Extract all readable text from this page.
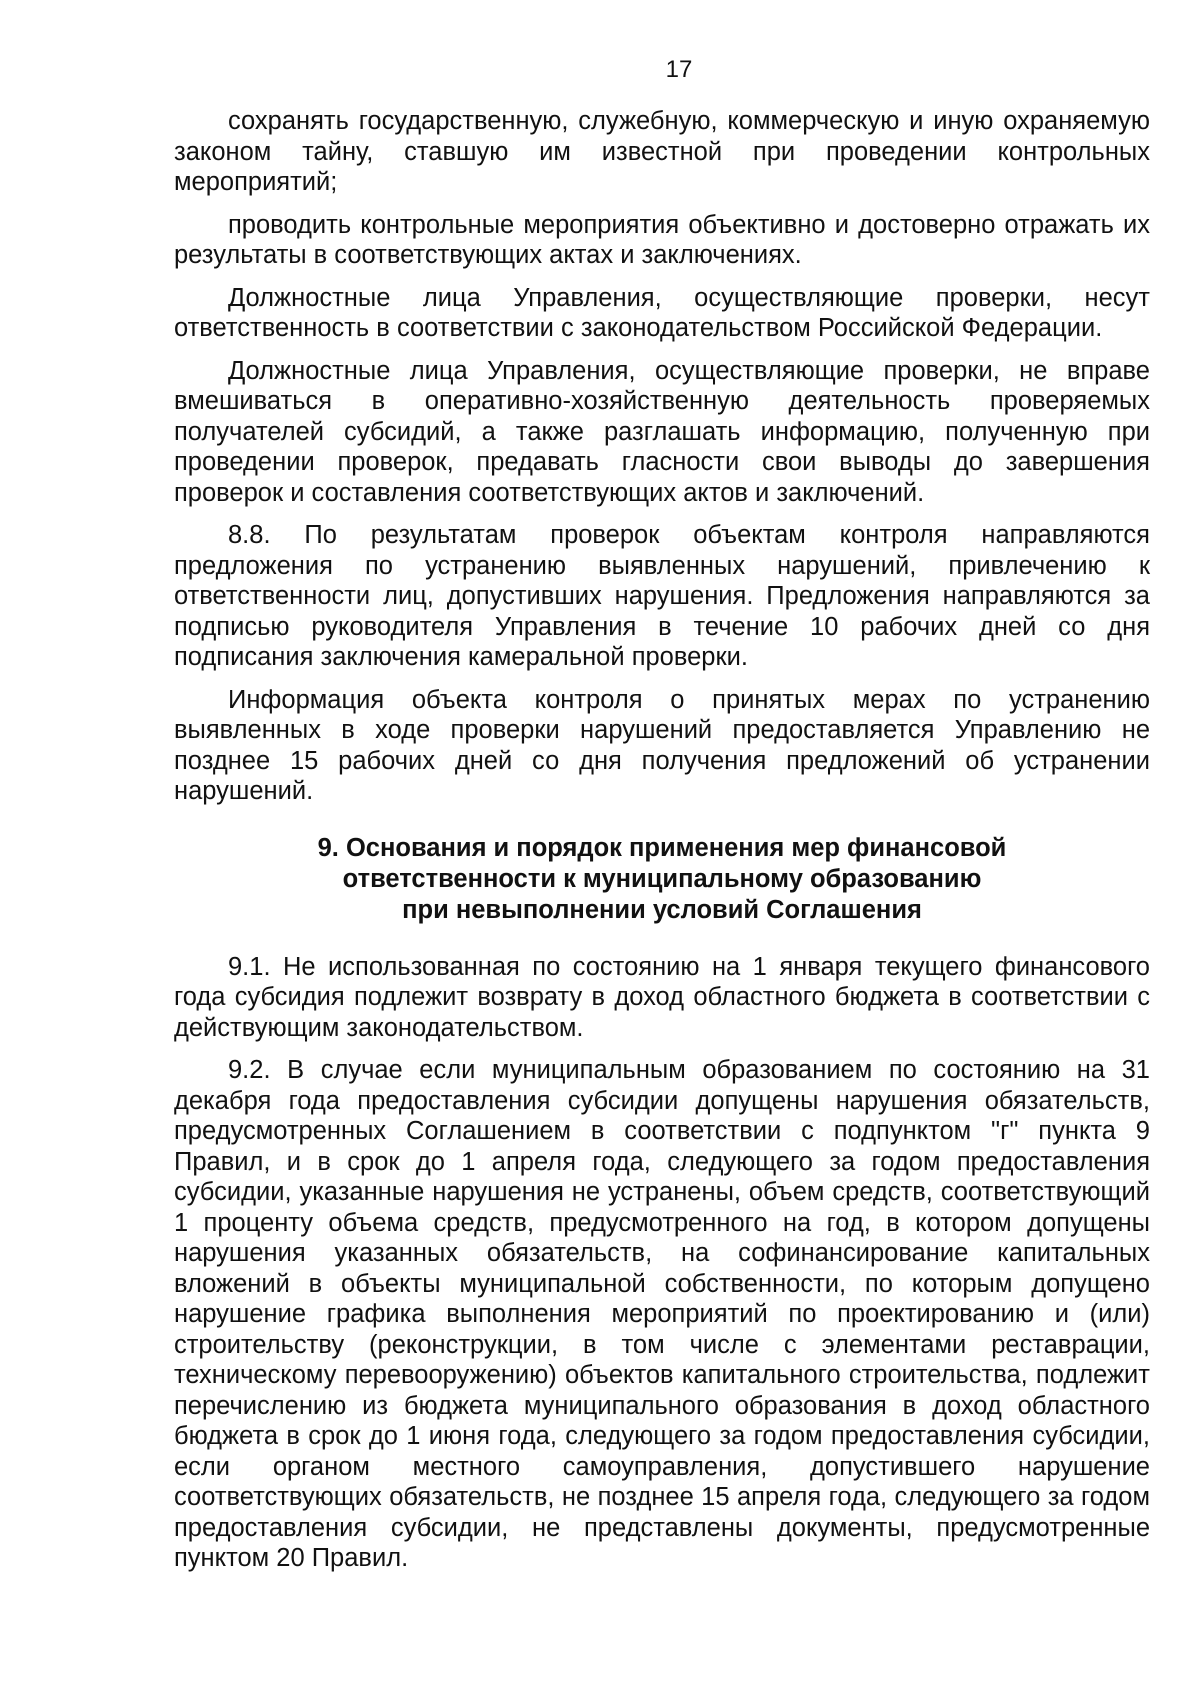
17

сохранять государственную, служебную, коммерческую и иную охраняемую законом тайну, ставшую им известной при проведении контрольных мероприятий;

проводить контрольные мероприятия объективно и достоверно отражать их результаты в соответствующих актах и заключениях.

Должностные лица Управления, осуществляющие проверки, несут ответственность в соответствии с законодательством Российской Федерации.

Должностные лица Управления, осуществляющие проверки, не вправе вмешиваться в оперативно-хозяйственную деятельность проверяемых получателей субсидий, а также разглашать информацию, полученную при проведении проверок, предавать гласности свои выводы до завершения проверок и составления соответствующих актов и заключений.

8.8. По результатам проверок объектам контроля направляются предложения по устранению выявленных нарушений, привлечению к ответственности лиц, допустивших нарушения. Предложения направляются за подписью руководителя Управления в течение 10 рабочих дней со дня подписания заключения камеральной проверки.

Информация объекта контроля о принятых мерах по устранению выявленных в ходе проверки нарушений предоставляется Управлению не позднее 15 рабочих дней со дня получения предложений об устранении нарушений.

9. Основания и порядок применения мер финансовой
ответственности к муниципальному образованию
при невыполнении условий Соглашения

9.1. Не использованная по состоянию на 1 января текущего финансового года субсидия подлежит возврату в доход областного бюджета в соответствии с действующим законодательством.

9.2. В случае если муниципальным образованием по состоянию на 31 декабря года предоставления субсидии допущены нарушения обязательств, предусмотренных Соглашением в соответствии с подпунктом "г" пункта 9 Правил, и в срок до 1 апреля года, следующего за годом предоставления субсидии, указанные нарушения не устранены, объем средств, соответствующий 1 проценту объема средств, предусмотренного на год, в котором допущены нарушения указанных обязательств, на софинансирование капитальных вложений в объекты муниципальной собственности, по которым допущено нарушение графика выполнения мероприятий по проектированию и (или) строительству (реконструкции, в том числе с элементами реставрации, техническому перевооружению) объектов капитального строительства, подлежит перечислению из бюджета муниципального образования в доход областного бюджета в срок до 1 июня года, следующего за годом предоставления субсидии, если органом местного самоуправления, допустившего нарушение соответствующих обязательств, не позднее 15 апреля года, следующего за годом предоставления субсидии, не представлены документы, предусмотренные пунктом 20 Правил.
